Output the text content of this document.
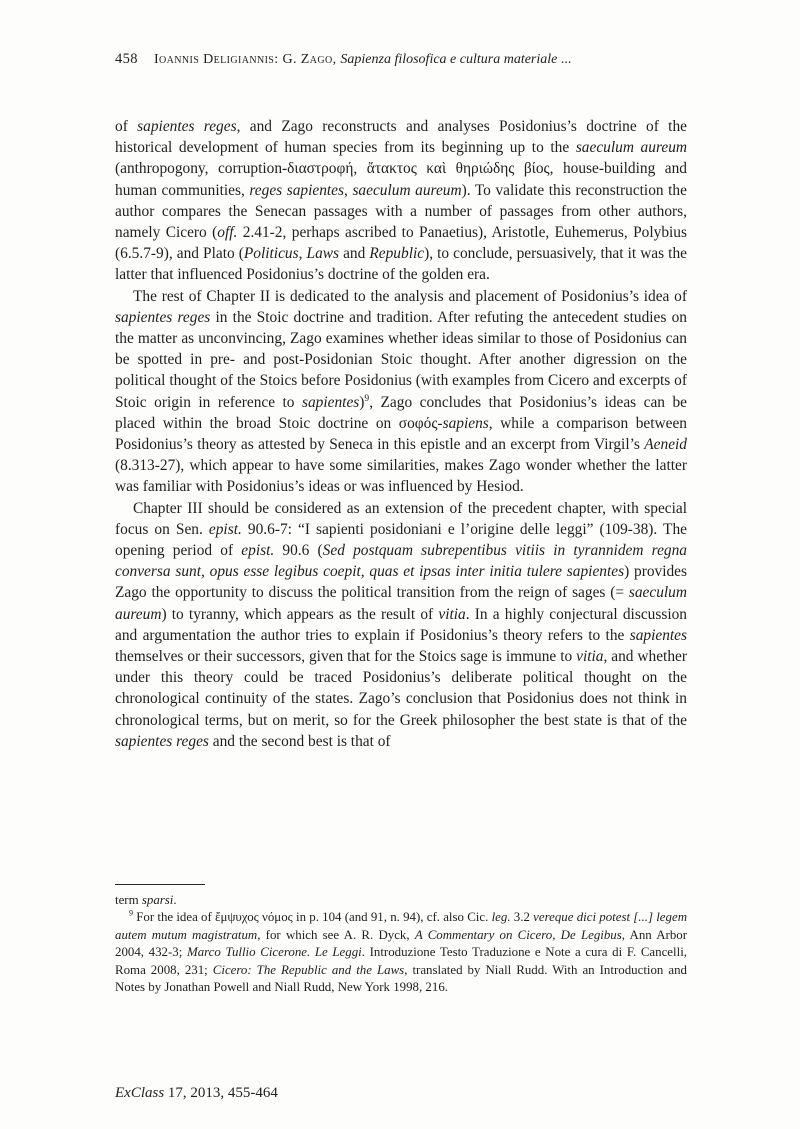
458 Ioannis Deligiannis: G. Zago, Sapienza filosofica e cultura materiale ...

of sapientes reges, and Zago reconstructs and analyses Posidonius’s doctrine of the historical development of human species from its beginning up to the saeculum aureum (anthropogony, corruption-διαστροφή, ἄτακτος καὶ θηριώδης βίος, house-building and human communities, reges sapientes, saeculum aureum). To validate this reconstruction the author compares the Senecan passages with a number of passages from other authors, namely Cicero (off. 2.41-2, perhaps ascribed to Panaetius), Aristotle, Euhemerus, Polybius (6.5.7-9), and Plato (Politicus, Laws and Republic), to conclude, persuasively, that it was the latter that influenced Posidonius’s doctrine of the golden era.

The rest of Chapter II is dedicated to the analysis and placement of Posidonius’s idea of sapientes reges in the Stoic doctrine and tradition. After refuting the antecedent studies on the matter as unconvincing, Zago examines whether ideas similar to those of Posidonius can be spotted in pre- and post-Posidonian Stoic thought. After another digression on the political thought of the Stoics before Posidonius (with examples from Cicero and excerpts of Stoic origin in reference to sapientes)$^9$, Zago concludes that Posidonius’s ideas can be placed within the broad Stoic doctrine on σοφός-sapiens, while a comparison between Posidonius’s theory as attested by Seneca in this epistle and an excerpt from Virgil’s Aeneid (8.313-27), which appear to have some similarities, makes Zago wonder whether the latter was familiar with Posidonius’s ideas or was influenced by Hesiod.

Chapter III should be considered as an extension of the precedent chapter, with special focus on Sen. epist. 90.6-7: “I sapienti posidoniani e l’origine delle leggi” (109-38). The opening period of epist. 90.6 (Sed postquam subrepentibus vitiis in tyrannidem regna conversa sunt, opus esse legibus coepit, quas et ipsas inter initia tulere sapientes) provides Zago the opportunity to discuss the political transition from the reign of sages (= saeculum aureum) to tyranny, which appears as the result of vitia. In a highly conjectural discussion and argumentation the author tries to explain if Posidonius’s theory refers to the sapientes themselves or their successors, given that for the Stoics sage is immune to vitia, and whether under this theory could be traced Posidonius’s deliberate political thought on the chronological continuity of the states. Zago’s conclusion that Posidonius does not think in chronological terms, but on merit, so for the Greek philosopher the best state is that of the sapientes reges and the second best is that of

term sparsi.

$^9$ For the idea of ἔμψυχος νόμος in p. 104 (and 91, n. 94), cf. also Cic. leg. 3.2 vereque dici potest [...] legem autem mutum magistratum, for which see A. R. Dyck, A Commentary on Cicero, De Legibus, Ann Arbor 2004, 432-3; Marco Tullio Cicerone. Le Leggi. Introduzione Testo Traduzione e Note a cura di F. Cancelli, Roma 2008, 231; Cicero: The Republic and the Laws, translated by Niall Rudd. With an Introduction and Notes by Jonathan Powell and Niall Rudd, New York 1998, 216.

ExClass 17, 2013, 455-464
